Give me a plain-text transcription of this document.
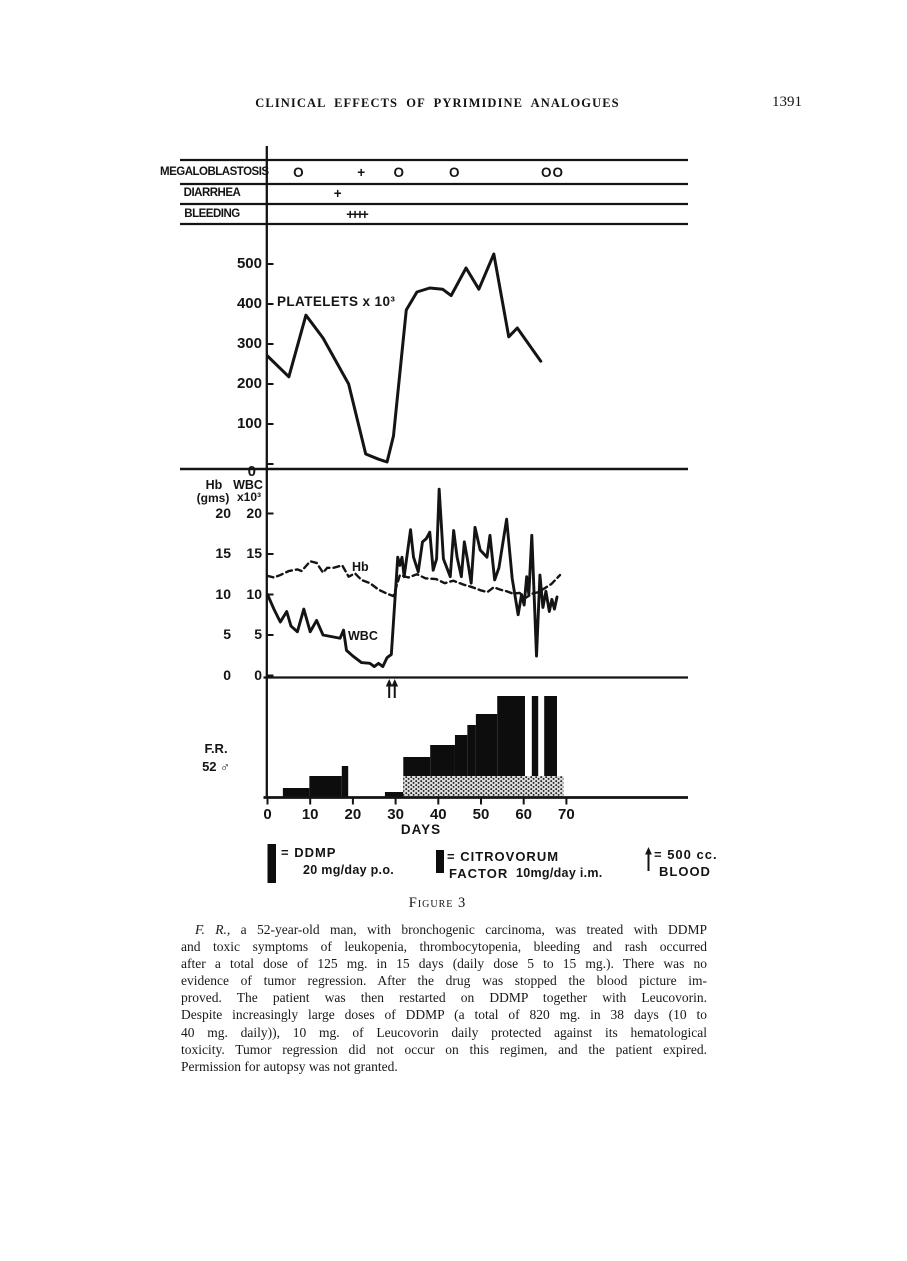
CLINICAL EFFECTS OF PYRIMIDINE ANALOGUES	1391
100
200
300
400
500
20	20
15	15
10	10
5	5
0	0
0	10	20	30	40	50	60	70
MEGALOBLASTOSIS	O	+	O	O	OO
DIARRHEA	+
BLEEDING	++++
PLATELETS x 10³
0
Hb WBC
(gms) x10³
Hb
WBC
F.R.
52 ♂
DAYS
= DDMP
20 mg/day p.o.
= CITROVORUM
FACTOR 10mg/day i.m.
= 500 cc.
BLOOD
Figure 3
F. R., a 52-year-old man, with bronchogenic carcinoma, was treated with DDMP
and toxic symptoms of leukopenia, thrombocytopenia, bleeding and rash occurred
after a total dose of 125 mg. in 15 days (daily dose 5 to 15 mg.). There was no
evidence of tumor regression. After the drug was stopped the blood picture im-
proved. The patient was then restarted on DDMP together with Leucovorin.
Despite increasingly large doses of DDMP (a total of 820 mg. in 38 days (10 to
40 mg. daily)), 10 mg. of Leucovorin daily protected against its hematological
toxicity. Tumor regression did not occur on this regimen, and the patient expired.
Permission for autopsy was not granted.
